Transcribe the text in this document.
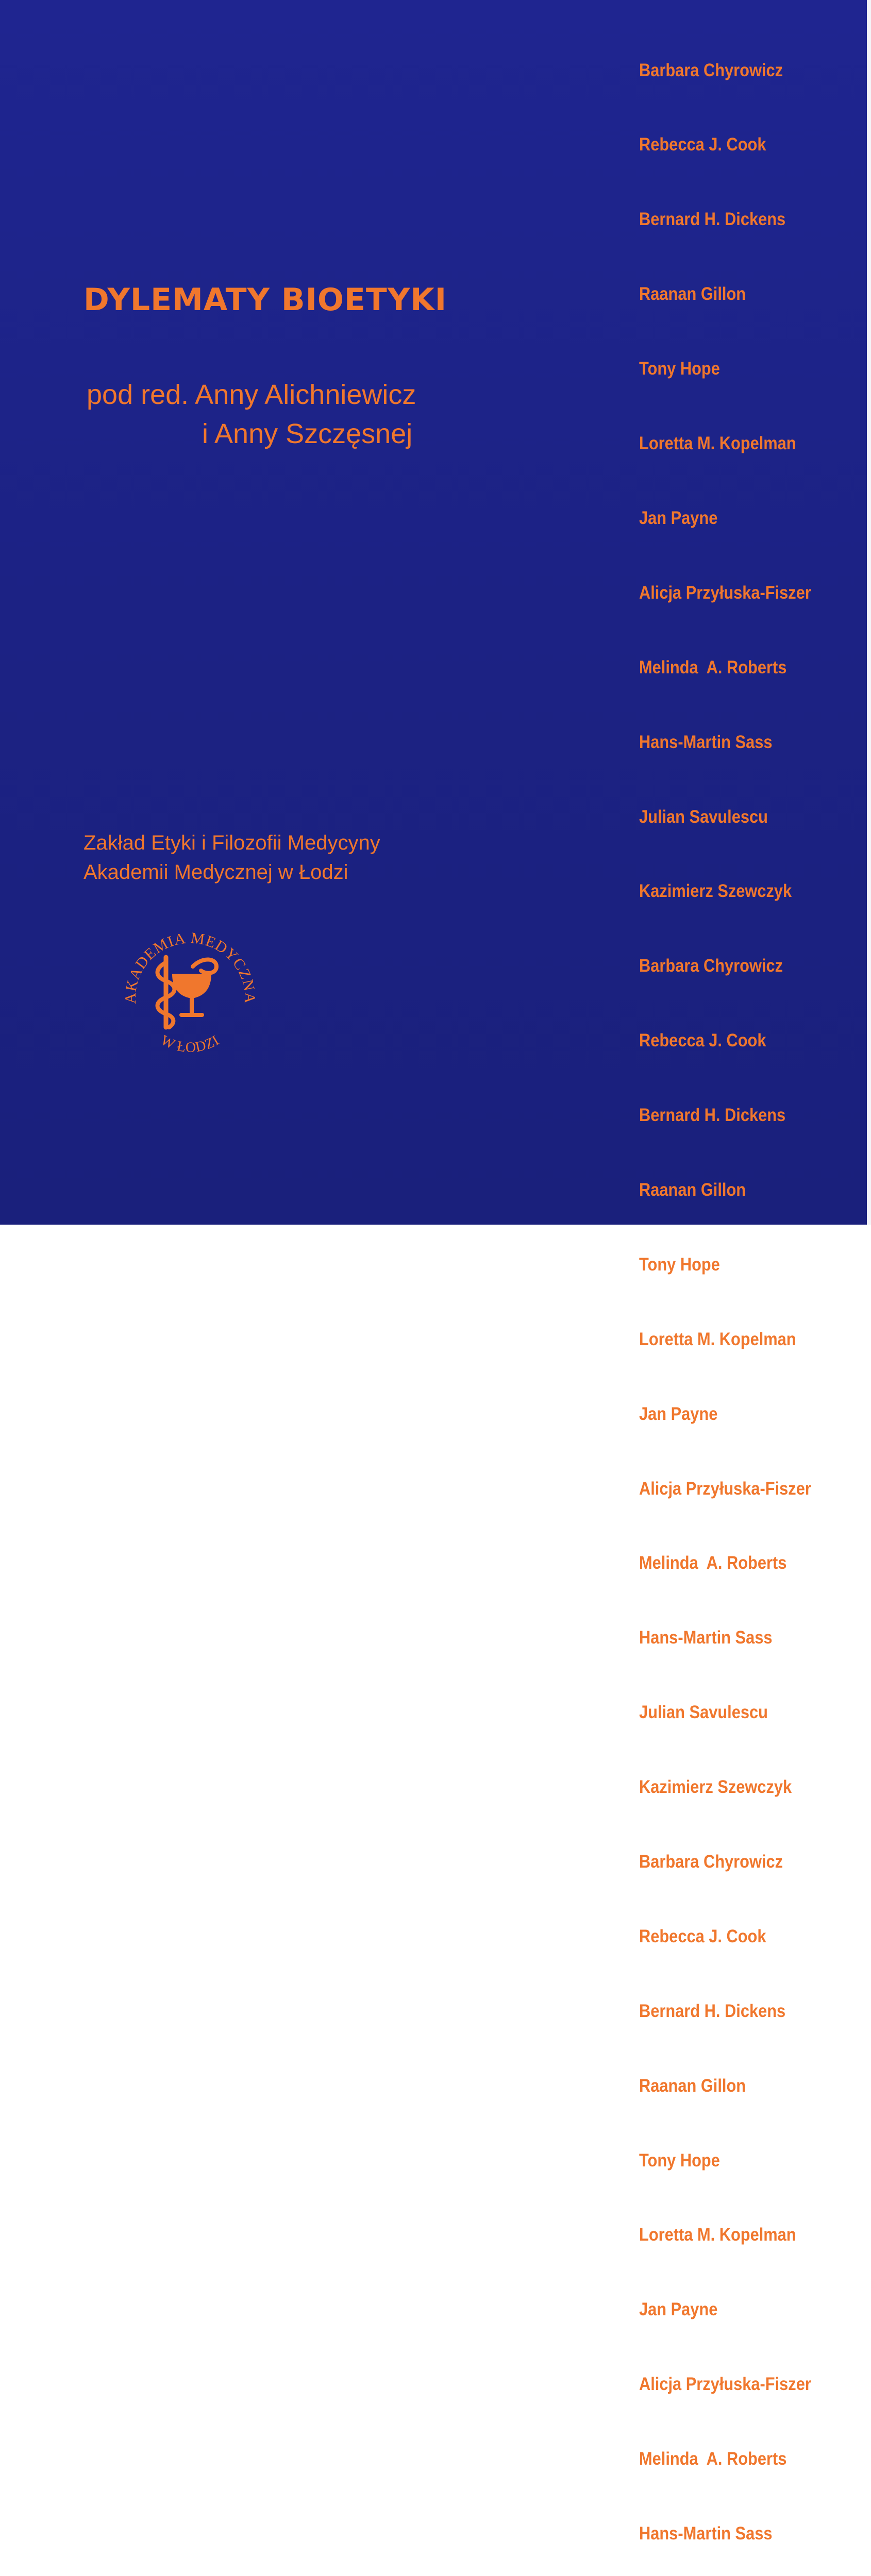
DYLEMATY BIOETYKI
pod red. Anny Alichniewicz
i Anny Szczęsnej
Zakład Etyki i Filozofii Medycyny
Akademii Medycznej w Łodzi
AKADEMIA MEDYCZNA
W ŁODZI

Barbara Chyrowicz

Rebecca J. Cook

Bernard H. Dickens

Raanan Gillon

Tony Hope

Loretta M. Kopelman

Jan Payne

Alicja Przyłuska-Fiszer

Melinda  A. Roberts

Hans-Martin Sass

Julian Savulescu

Kazimierz Szewczyk

Barbara Chyrowicz

Rebecca J. Cook

Bernard H. Dickens

Raanan Gillon

Tony Hope

Loretta M. Kopelman

Jan Payne

Alicja Przyłuska-Fiszer

Melinda  A. Roberts

Hans-Martin Sass

Julian Savulescu

Kazimierz Szewczyk

Barbara Chyrowicz

Rebecca J. Cook

Bernard H. Dickens

Raanan Gillon

Tony Hope

Loretta M. Kopelman

Jan Payne

Alicja Przyłuska-Fiszer

Melinda  A. Roberts

Hans-Martin Sass
